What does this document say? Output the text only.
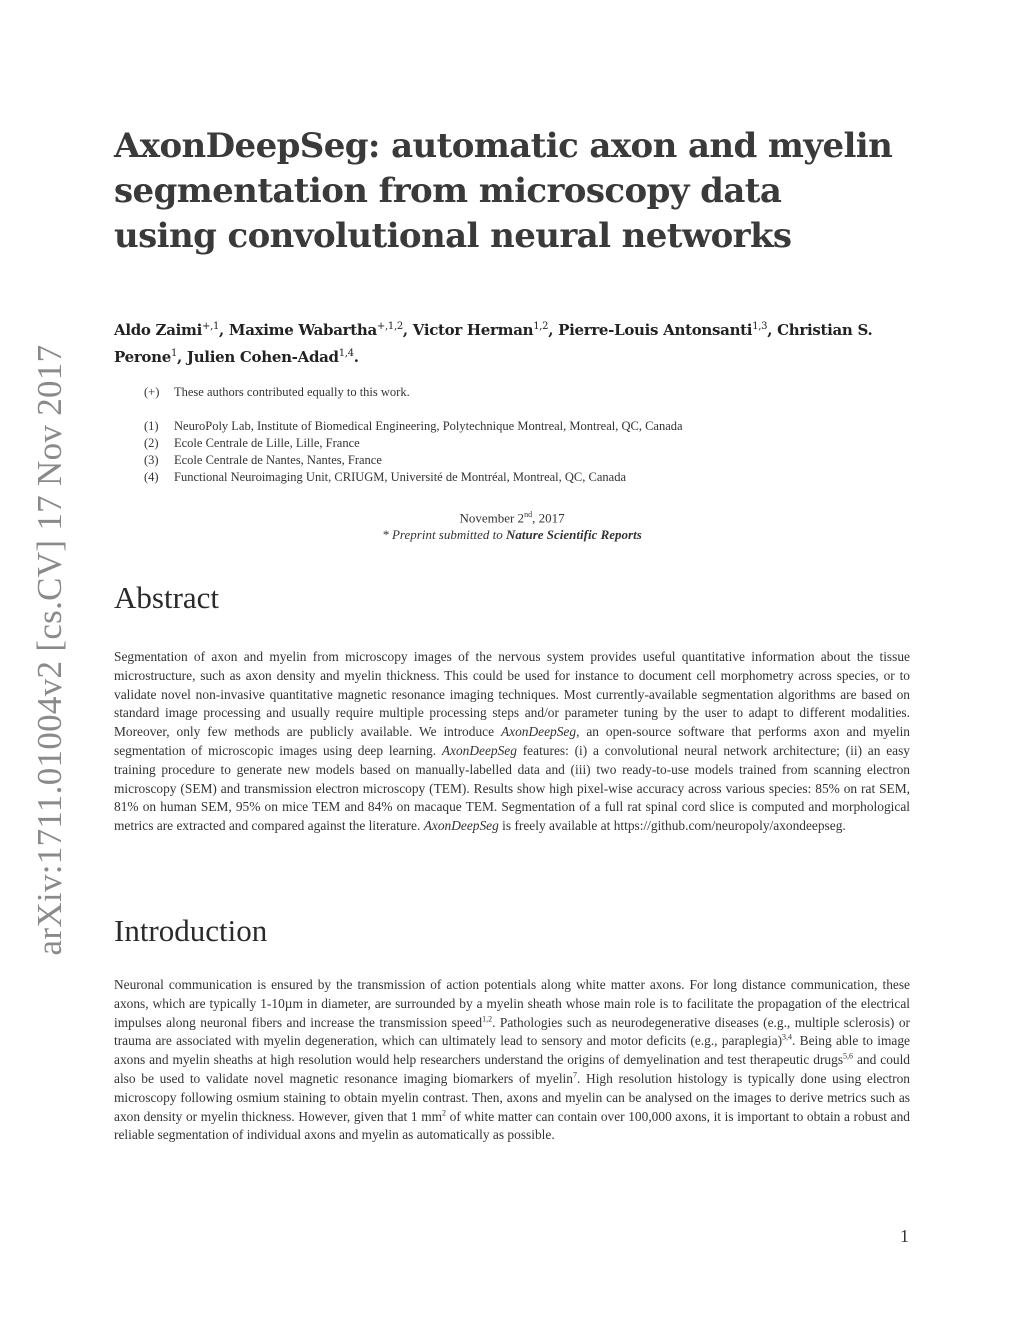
arXiv:1711.01004v2 [cs.CV] 17 Nov 2017
AxonDeepSeg: automatic axon and myelin segmentation from microscopy data using convolutional neural networks
Aldo Zaimi$^{+,1}$, Maxime Wabartha$^{+,1,2}$, Victor Herman$^{1,2}$, Pierre-Louis Antonsanti$^{1,3}$, Christian S. Perone$^1$, Julien Cohen-Adad$^{1,4}$.
(+)	These authors contributed equally to this work.
(1)	NeuroPoly Lab, Institute of Biomedical Engineering, Polytechnique Montreal, Montreal, QC, Canada
(2)	Ecole Centrale de Lille, Lille, France
(3)	Ecole Centrale de Nantes, Nantes, France
(4)	Functional Neuroimaging Unit, CRIUGM, Université de Montréal, Montreal, QC, Canada
November 2nd, 2017
* Preprint submitted to Nature Scientific Reports
Abstract

Segmentation of axon and myelin from microscopy images of the nervous system provides useful quantitative information about the tissue microstructure, such as axon density and myelin thickness. This could be used for instance to document cell morphometry across species, or to validate novel non-invasive quantitative magnetic resonance imaging techniques. Most currently-available segmentation algorithms are based on standard image processing and usually require multiple processing steps and/or parameter tuning by the user to adapt to different modalities. Moreover, only few methods are publicly available. We introduce AxonDeepSeg, an open-source software that performs axon and myelin segmentation of microscopic images using deep learning. AxonDeepSeg features: (i) a convolutional neural network architecture; (ii) an easy training procedure to generate new models based on manually-labelled data and (iii) two ready-to-use models trained from scanning electron microscopy (SEM) and transmission electron microscopy (TEM). Results show high pixel-wise accuracy across various species: 85% on rat SEM, 81% on human SEM, 95% on mice TEM and 84% on macaque TEM. Segmentation of a full rat spinal cord slice is computed and morphological metrics are extracted and compared against the literature. AxonDeepSeg is freely available at https://github.com/neuropoly/axondeepseg.

Introduction

Neuronal communication is ensured by the transmission of action potentials along white matter axons. For long distance communication, these axons, which are typically 1-10µm in diameter, are surrounded by a myelin sheath whose main role is to facilitate the propagation of the electrical impulses along neuronal fibers and increase the transmission speed$^{1,2}$. Pathologies such as neurodegenerative diseases (e.g., multiple sclerosis) or trauma are associated with myelin degeneration, which can ultimately lead to sensory and motor deficits (e.g., paraplegia)$^{3,4}$. Being able to image axons and myelin sheaths at high resolution would help researchers understand the origins of demyelination and test therapeutic drugs$^{5,6}$ and could also be used to validate novel magnetic resonance imaging biomarkers of myelin$^7$. High resolution histology is typically done using electron microscopy following osmium staining to obtain myelin contrast. Then, axons and myelin can be analysed on the images to derive metrics such as axon density or myelin thickness. However, given that 1 $mm^2$ of white matter can contain over 100,000 axons, it is important to obtain a robust and reliable segmentation of individual axons and myelin as automatically as possible.

1
